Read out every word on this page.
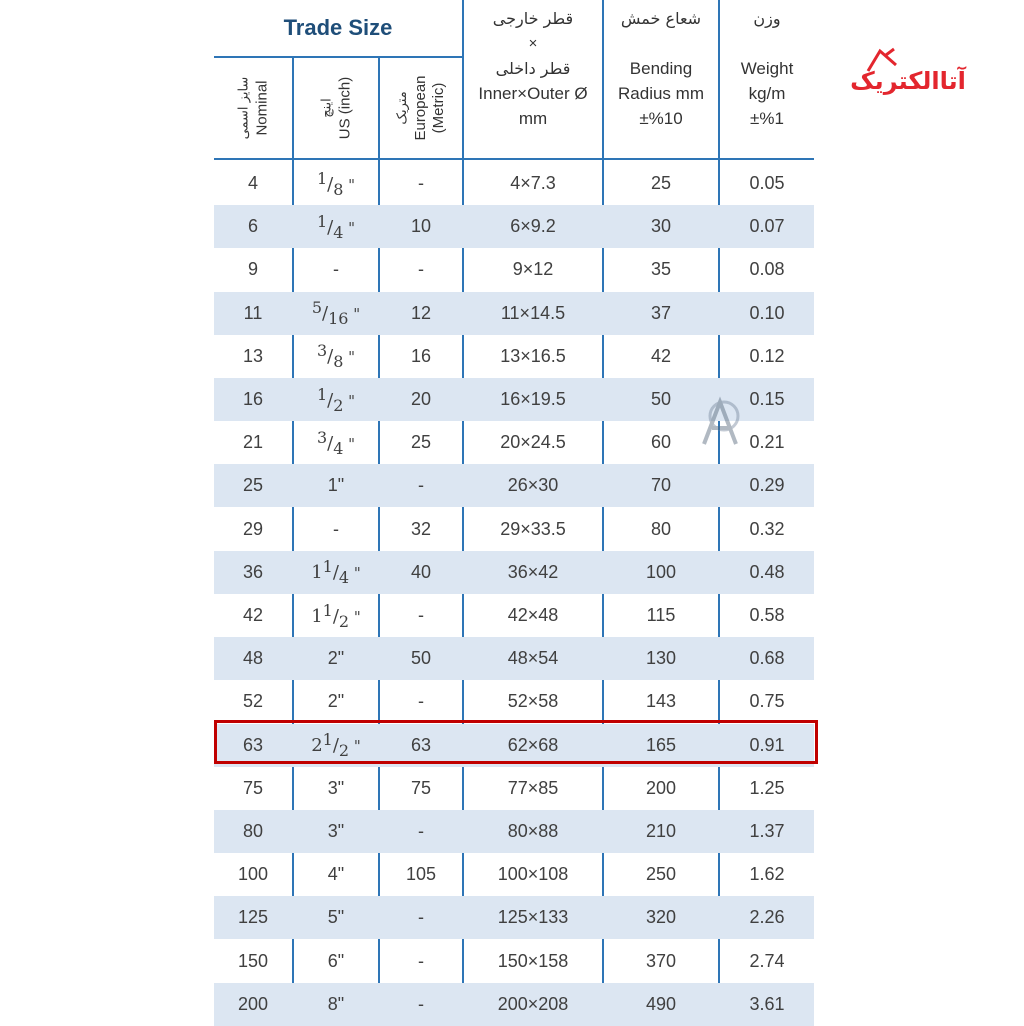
Trade Size
سایز اسمی Nominal	اینچ US (inch)	متریک European (Metric)
قطر خارجی
×
قطر داخلی
Inner×Outer Ø
mm
شعاع خمش
Bending
Radius mm
±%10
وزن
Weight
kg/m
±%1
4	$^1/_8$ "	-	4×7.3	25	0.05
6	$^1/_4$ "	10	6×9.2	30	0.07
9	-	-	9×12	35	0.08
11	$^5/_{16}$ "	12	11×14.5	37	0.10
13	$^3/_8$ "	16	13×16.5	42	0.12
16	$^1/_2$ "	20	16×19.5	50	0.15
21	$^3/_4$ "	25	20×24.5	60	0.21
25	1"	-	26×30	70	0.29
29	-	32	29×33.5	80	0.32
36	$1^1/_4$ "	40	36×42	100	0.48
42	$1^1/_2$ "	-	42×48	115	0.58
48	2"	50	48×54	130	0.68
52	2"	-	52×58	143	0.75
63	$2^1/_2$ "	63	62×68	165	0.91
75	3"	75	77×85	200	1.25
80	3"	-	80×88	210	1.37
100	4"	105	100×108	250	1.62
125	5"	-	125×133	320	2.26
150	6"	-	150×158	370	2.74
200	8"	-	200×208	490	3.61
آتاالکتریک
